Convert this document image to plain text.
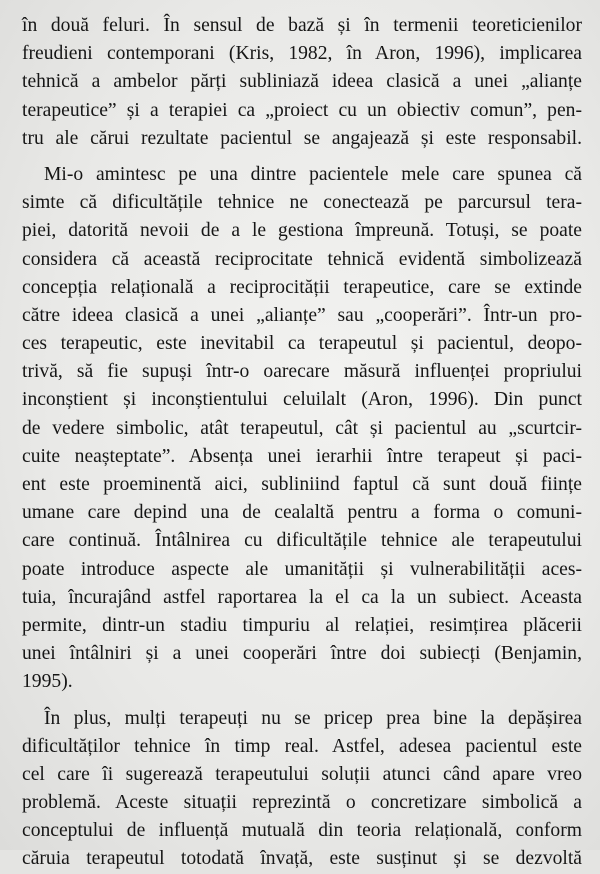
în două feluri. În sensul de bază și în termenii teoreticienilor
freudieni contemporani (Kris, 1982, în Aron, 1996), implicarea
tehnică a ambelor părți subliniază ideea clasică a unei „alianțe
terapeutice” și a terapiei ca „proiect cu un obiectiv comun”, pen-
tru ale cărui rezultate pacientul se angajează și este responsabil.
Mi-o amintesc pe una dintre pacientele mele care spunea că
simte că dificultățile tehnice ne conectează pe parcursul tera-
piei, datorită nevoii de a le gestiona împreună. Totuși, se poate
considera că această reciprocitate tehnică evidentă simbolizează
concepția relațională a reciprocității terapeutice, care se extinde
către ideea clasică a unei „alianțe” sau „cooperări”. Într-un pro-
ces terapeutic, este inevitabil ca terapeutul și pacientul, deopo-
trivă, să fie supuși într-o oarecare măsură influenței propriului
inconștient și inconștientului celuilalt (Aron, 1996). Din punct
de vedere simbolic, atât terapeutul, cât și pacientul au „scurtcir-
cuite neașteptate”. Absența unei ierarhii între terapeut și paci-
ent este proeminentă aici, subliniind faptul că sunt două ființe
umane care depind una de cealaltă pentru a forma o comuni-
care continuă. Întâlnirea cu dificultățile tehnice ale terapeutului
poate introduce aspecte ale umanității și vulnerabilității aces-
tuia, încurajând astfel raportarea la el ca la un subiect. Aceasta
permite, dintr-un stadiu timpuriu al relației, resimțirea plăcerii
unei întâlniri și a unei cooperări între doi subiecți (Benjamin,
1995).
În plus, mulți terapeuți nu se pricep prea bine la depășirea
dificultăților tehnice în timp real. Astfel, adesea pacientul este
cel care îi sugerează terapeutului soluții atunci când apare vreo
problemă. Aceste situații reprezintă o concretizare simbolică a
conceptului de influență mutuală din teoria relațională, conform
căruia terapeutul totodată învață, este susținut și se dezvoltă
